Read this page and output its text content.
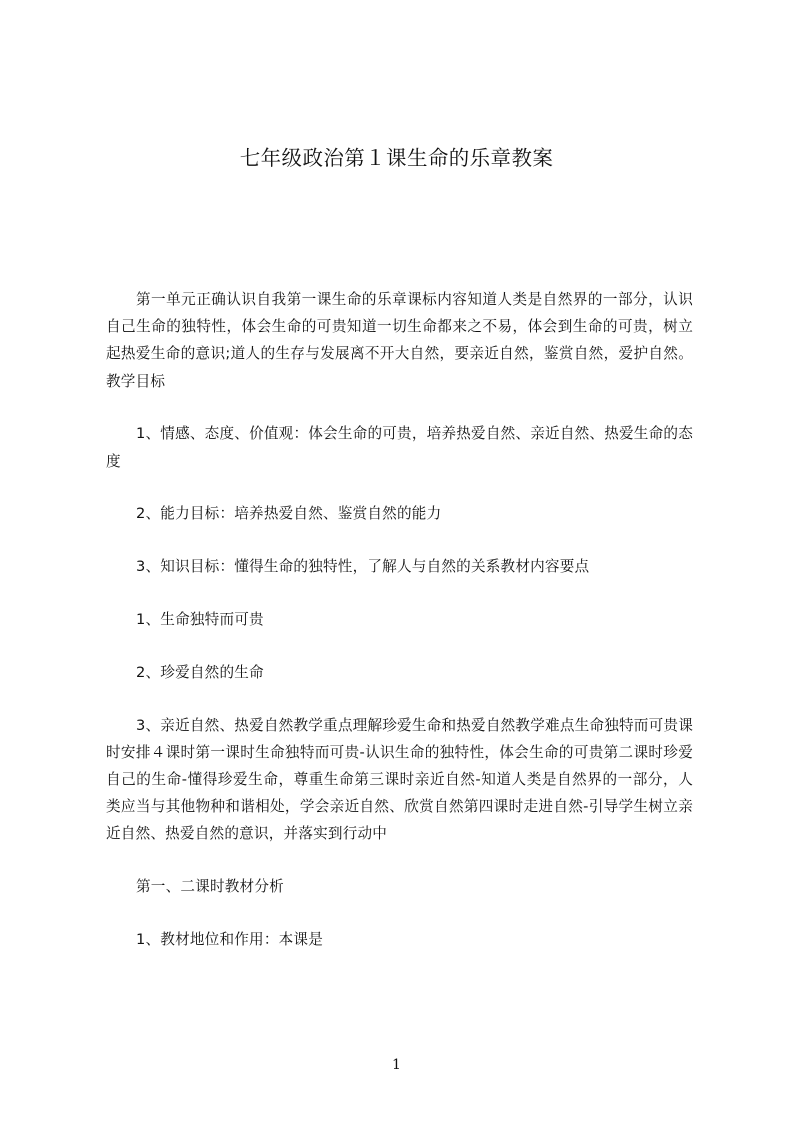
七年级政治第１课生命的乐章教案

第一单元正确认识自我第一课生命的乐章课标内容知道人类是自然界的一部分，认识自己生命的独特性，体会生命的可贵知道一切生命都来之不易，体会到生命的可贵，树立起热爱生命的意识;道人的生存与发展离不开大自然，要亲近自然，鉴赏自然，爱护自然。教学目标

1、情感、态度、价值观：体会生命的可贵，培养热爱自然、亲近自然、热爱生命的态度

2、能力目标：培养热爱自然、鉴赏自然的能力

3、知识目标：懂得生命的独特性，了解人与自然的关系教材内容要点

1、生命独特而可贵

2、珍爱自然的生命

3、亲近自然、热爱自然教学重点理解珍爱生命和热爱自然教学难点生命独特而可贵课时安排４课时第一课时生命独特而可贵-认识生命的独特性，体会生命的可贵第二课时珍爱自己的生命-懂得珍爱生命，尊重生命第三课时亲近自然-知道人类是自然界的一部分，人类应当与其他物种和谐相处，学会亲近自然、欣赏自然第四课时走进自然-引导学生树立亲近自然、热爱自然的意识，并落实到行动中

第一、二课时教材分析

1、教材地位和作用：本课是

1
